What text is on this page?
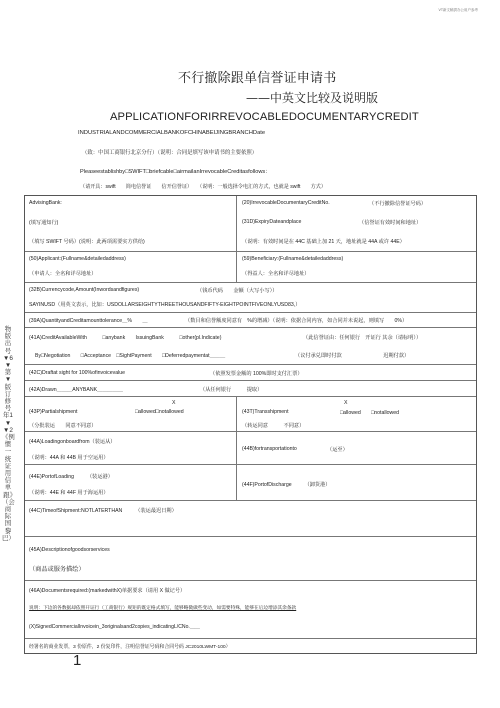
VT新文稿供办公用户参考
不行撤除跟单信誉证申请书
——中英文比较及说明版
APPLICATIONFORIRREVOCABLEDOCUMENTARYCREDIT
INDUSTRIALANDCOMMERCIALBANKOFCHINABEIJINGBRANCHDate
（致：中国工商银行北京分行）（说明：合同是填写该申请书的主要依照）
Pleaseestablishby□SWIFT□briefcable□airmailanIrrevocableCreditasfollows：
（请开具：swift　　简电信誉证　　信开信誉证）　　（说明：一般选择令电汇的方式，也就是 swift　　方式）
物版出号▼6▼第▼版订修号年1▼▼2《例惯一统证用信单跟》（会商际国黎巴）
AdvisingBank:
(填写通知行)
（填写 SWIFT 号码）(说明：此两项需要实方供给)
(20)IrrevocableDocumentaryCreditNo.	（不行撤除信誉证号码）
(31D)ExpiryDateandplace	（信誉证有效时间和地址）
（说明：有效时间是在 44C 基础上加 21 天，地址就是 44A 或许 44E）
(50)Applicant:(Fullname&detailedaddress)
（申请人：全名和详尽地址）
(59)Beneficiary:(Fullname&detailedaddress)
（得益人：全名和详尽地址）
(32B)Currencycode,Amount(Inwordsandfigures)	（钱币代码　　金额（大写小写））
SAYINUSD（用英文表示，比如：USDOLLARSEIGHTYTHREETHOUSANDFIFTY-EIGHTPOINTFIVEONLYUSD83,）
(39A)QuantityandCreditamounttolerance＿%　　＿	（数目和信誉额度同意有　%的增减）（说明：依据合同内容，如合同并未说起，则填写　　0%）
(41A)CreditAvailableWith　　　□anybank　　IssuingBank　　　□other(pl.Indicate)	（此信誉证由：任何银行　开证行 其余（请标明））
By□Negotiation　　□Acceptance　□SightPayment　　□Deferredpaymentat＿＿＿	（议付承兑即时付款　　　　　　　　迟期付款）
(42C)Draftat sight for 100%ofinvoicevalue	（依照发票金额的 100%即时支付汇票）
(42A)Drawn＿＿＿ANYBANK＿＿＿＿＿	（从任何银行　　　提取）
X
(43P)Partialshipment	□allowed□notallowed
（分批装运　　同意不同意）
X
(43T)Transshipment	□allowed　　□notallowed
（转运同意　　　不同意）
(44A)Loadingonboardfrom（装运从）
（说明：44A 和 44B 用于空运用）
(44B)fortransportationto	（运至）
(44E)PortofLoading　　　（装运港）
（说明：44E 和 44F 用于海运用）
(44F)PortofDischarge　　　（卸货港）
(44C)TimeofShipment:NOTLATERTHAN　　　（装运最迟日期）
(45A)Descriptionofgoodsorservices
（商品或服务描绘）
(46A)Documentsrequired:(markedwithX)单据要求（请用 X 做记号）
说明：下边的各数据却依照开证行（工商银行）规矩的既定格式填写，能够略微做些变动，如需要特殊，能够在后边增添其余条款
(X)SignedCommercialInvoicein_3originalsand2copies_indicatingL/CNo.＿＿
经署名的商业发票，3 份原件，2 份复印件，注明信誉证号码和合同号码 JC2010LWMT-100）
1
